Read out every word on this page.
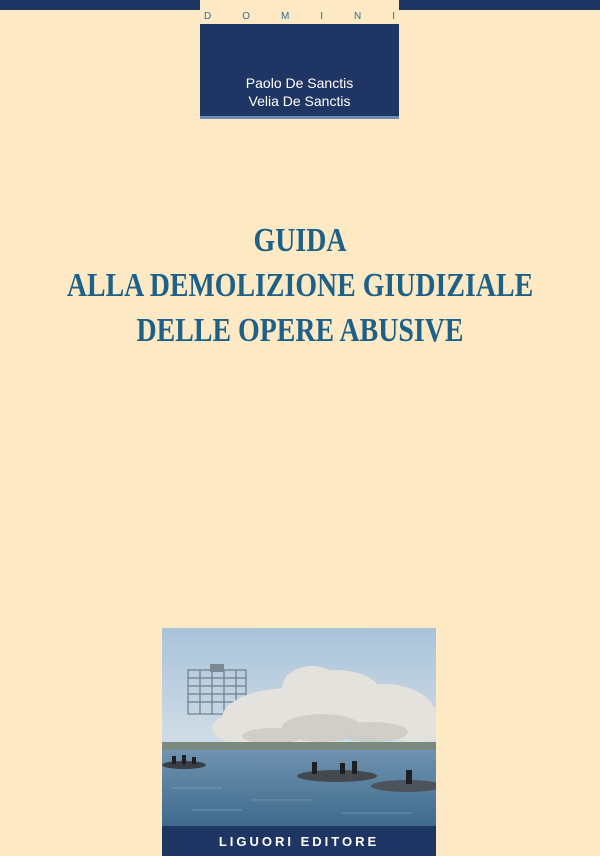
D	O	M	I	N	I
Paolo De Sanctis
Velia De Sanctis
GUIDA
ALLA DEMOLIZIONE GIUDIZIALE
DELLE OPERE ABUSIVE
LIGUORI EDITORE
